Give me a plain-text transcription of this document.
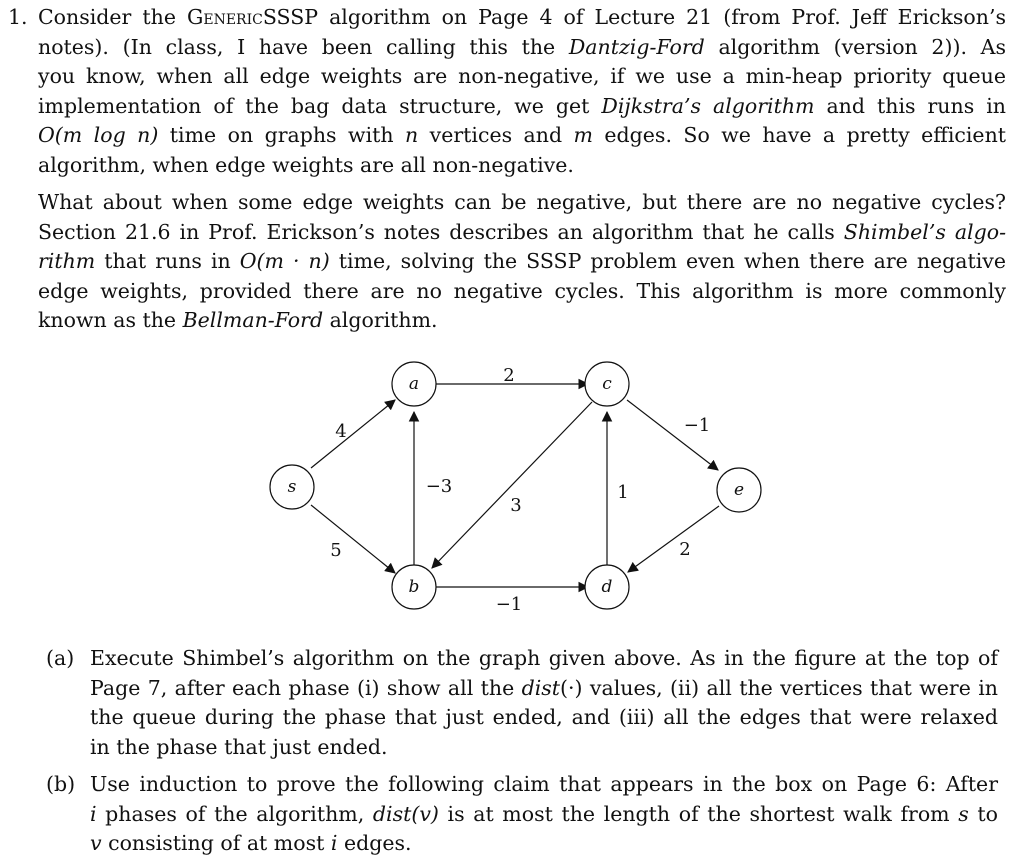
1. Consider the GenericSSSP algorithm on Page 4 of Lecture 21 (from Prof. Jeff Erickson’s
notes). (In class, I have been calling this the Dantzig-Ford algorithm (version 2)). As
you know, when all edge weights are non-negative, if we use a min-heap priority queue
implementation of the bag data structure, we get Dijkstra’s algorithm and this runs in
O(m log n) time on graphs with n vertices and m edges. So we have a pretty efficient
algorithm, when edge weights are all non-negative.
What about when some edge weights can be negative, but there are no negative cycles?
Section 21.6 in Prof. Erickson’s notes describes an algorithm that he calls Shimbel’s algo-
rithm that runs in O(m · n) time, solving the SSSP problem even when there are negative
edge weights, provided there are no negative cycles. This algorithm is more commonly
known as the Bellman-Ford algorithm.
s
a
b
c
d
e
4
5
2
−3
3
−1
1
−1
2
(a) Execute Shimbel’s algorithm on the graph given above. As in the figure at the top of
Page 7, after each phase (i) show all the dist(·) values, (ii) all the vertices that were in
the queue during the phase that just ended, and (iii) all the edges that were relaxed
in the phase that just ended.
(b) Use induction to prove the following claim that appears in the box on Page 6: After
i phases of the algorithm, dist(v) is at most the length of the shortest walk from s to
v consisting of at most i edges.
